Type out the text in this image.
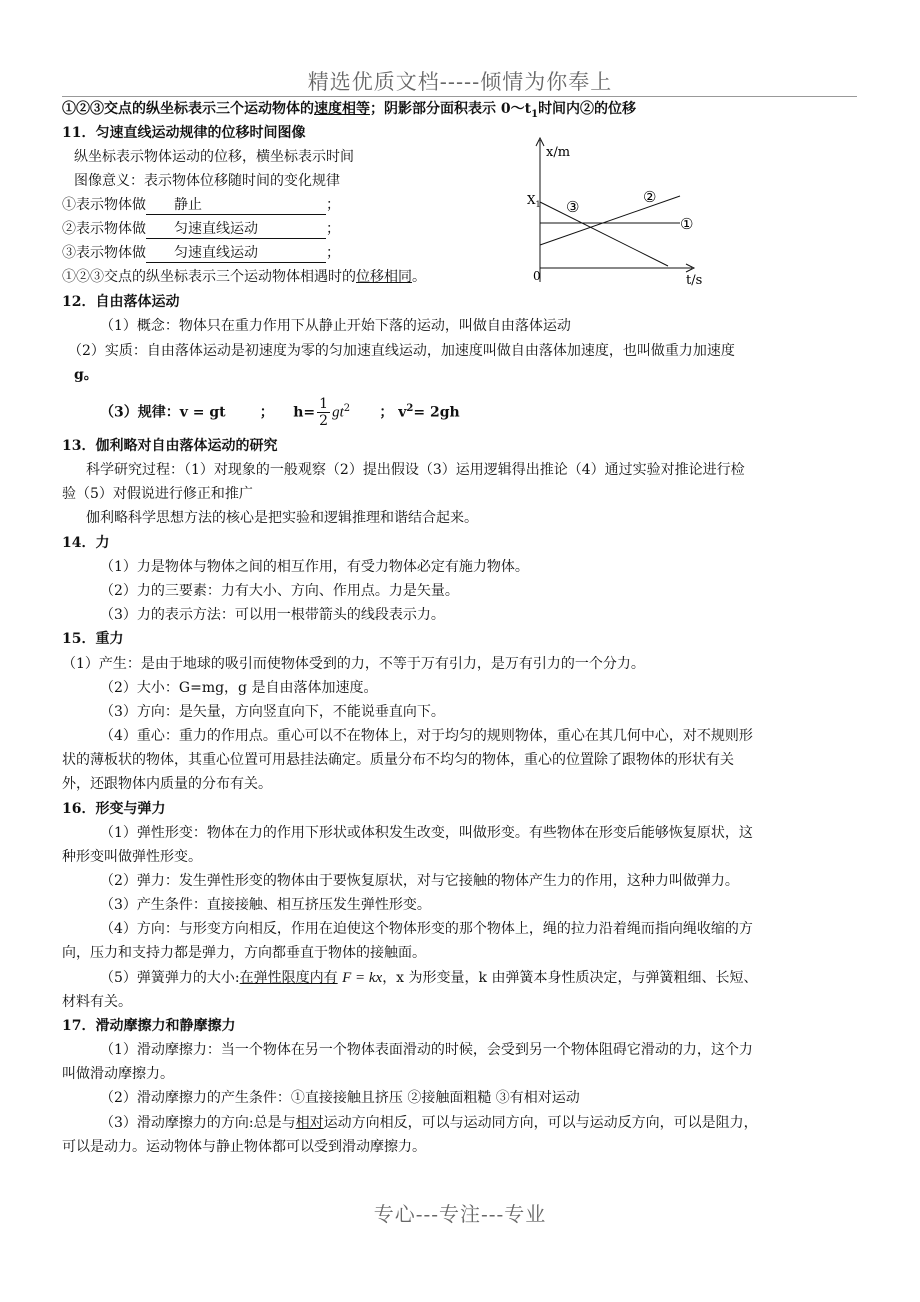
精选优质文档-----倾情为你奉上
①②③交点的纵坐标表示三个运动物体的速度相等；阴影部分面积表示 $0\sim t_1$时间内②的位移
11．匀速直线运动规律的位移时间图像
纵坐标表示物体运动的位移，横坐标表示时间
图像意义：表示物体位移随时间的变化规律
①表示物体做 静止	；
②表示物体做 匀速直线运动	；
③表示物体做 匀速直线运动	；
①②③交点的纵坐标表示三个运动物体相遇时的位移相同。
x/m
t/s
0
$X_1$
①
②
③
12．自由落体运动
（1）概念：物体只在重力作用下从静止开始下落的运动，叫做自由落体运动
（2）实质：自由落体运动是初速度为零的匀加速直线运动，加速度叫做自由落体加速度，也叫做重力加速度
g。
（3）规律：v = gt ； $h= \frac{1}{2} gt^2$ ； $v^2= 2gh$
13．伽利略对自由落体运动的研究
科学研究过程：（1）对现象的一般观察（2）提出假设（3）运用逻辑得出推论（4）通过实验对推论进行检
验（5）对假说进行修正和推广
伽利略科学思想方法的核心是把实验和逻辑推理和谐结合起来。
14．力
（1）力是物体与物体之间的相互作用，有受力物体必定有施力物体。
（2）力的三要素：力有大小、方向、作用点。力是矢量。
（3）力的表示方法：可以用一根带箭头的线段表示力。
15．重力
（1）产生：是由于地球的吸引而使物体受到的力，不等于万有引力，是万有引力的一个分力。
（2）大小：G=mg，g 是自由落体加速度。
（3）方向：是矢量，方向竖直向下，不能说垂直向下。
（4）重心：重力的作用点。重心可以不在物体上，对于均匀的规则物体，重心在其几何中心，对不规则形
状的薄板状的物体，其重心位置可用悬挂法确定。质量分布不均匀的物体，重心的位置除了跟物体的形状有关
外，还跟物体内质量的分布有关。
16．形变与弹力
（1）弹性形变：物体在力的作用下形状或体积发生改变，叫做形变。有些物体在形变后能够恢复原状，这
种形变叫做弹性形变。
（2）弹力：发生弹性形变的物体由于要恢复原状，对与它接触的物体产生力的作用，这种力叫做弹力。
（3）产生条件：直接接触、相互挤压发生弹性形变。
（4）方向：与形变方向相反，作用在迫使这个物体形变的那个物体上，绳的拉力沿着绳而指向绳收缩的方
向，压力和支持力都是弹力，方向都垂直于物体的接触面。
（5）弹簧弹力的大小:在弹性限度内有 F = kx，x 为形变量，k 由弹簧本身性质决定，与弹簧粗细、长短、
材料有关。
17．滑动摩擦力和静摩擦力
（1）滑动摩擦力：当一个物体在另一个物体表面滑动的时候，会受到另一个物体阻碍它滑动的力，这个力
叫做滑动摩擦力。
（2）滑动摩擦力的产生条件：①直接接触且挤压 ②接触面粗糙 ③有相对运动
（3）滑动摩擦力的方向:总是与相对运动方向相反，可以与运动同方向，可以与运动反方向，可以是阻力，
可以是动力。运动物体与静止物体都可以受到滑动摩擦力。
专心---专注---专业
